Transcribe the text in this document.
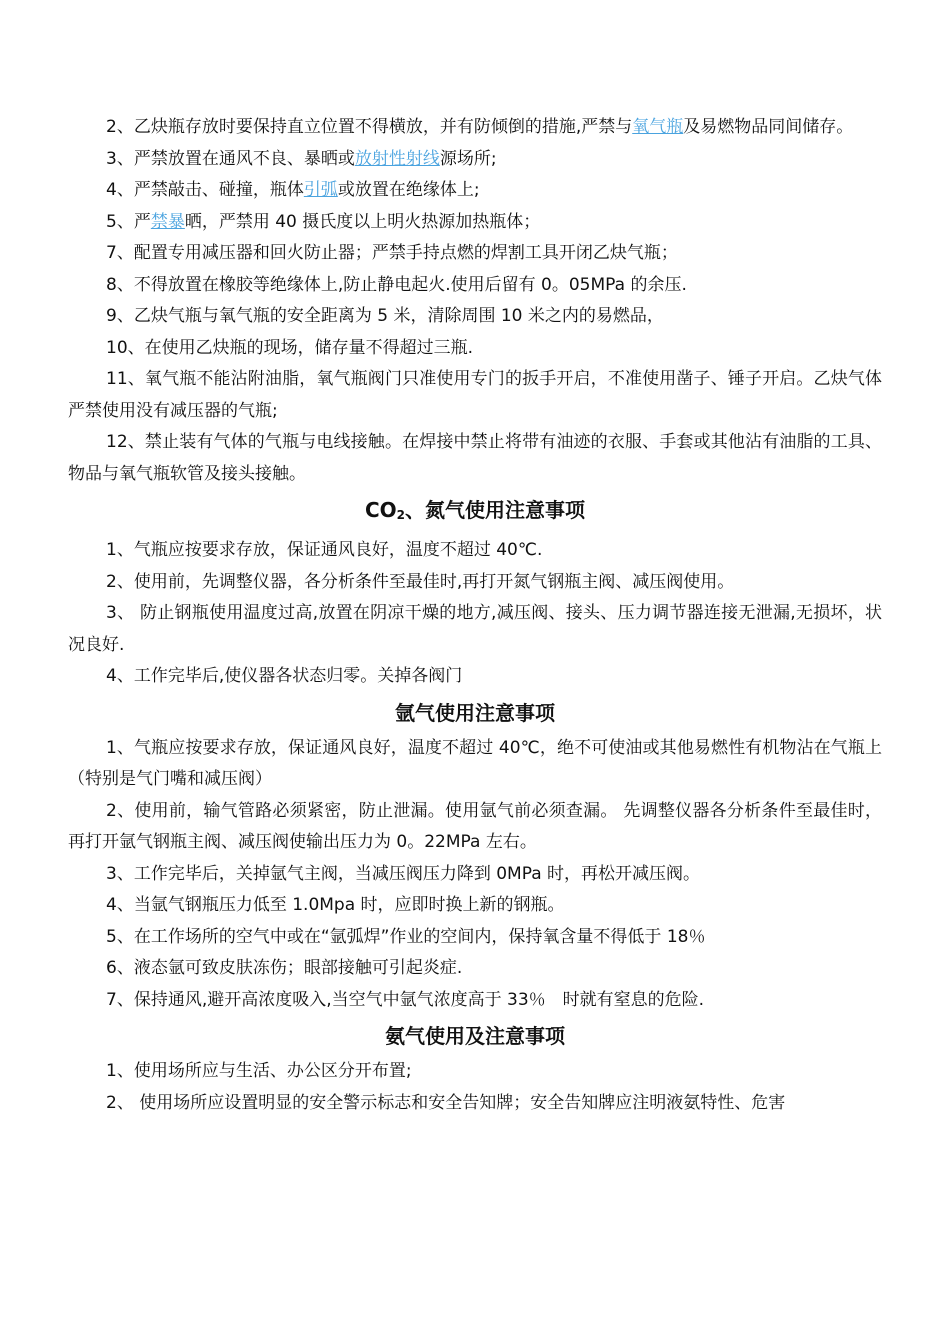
2、乙炔瓶存放时要保持直立位置不得横放，并有防倾倒的措施,严禁与氧气瓶及易燃物品同间储存。

3、严禁放置在通风不良、暴晒或放射性射线源场所;

4、严禁敲击、碰撞，瓶体引弧或放置在绝缘体上;

5、严禁暴晒，严禁用 40 摄氏度以上明火热源加热瓶体；

7、配置专用减压器和回火防止器；严禁手持点燃的焊割工具开闭乙炔气瓶；

8、不得放置在橡胶等绝缘体上,防止静电起火.使用后留有 0。05MPa 的余压.

9、乙炔气瓶与氧气瓶的安全距离为 5 米，清除周围 10 米之内的易燃品，

10、在使用乙炔瓶的现场，储存量不得超过三瓶.

11、氧气瓶不能沾附油脂，氧气瓶阀门只准使用专门的扳手开启，不准使用凿子、锤子开启。乙炔气体严禁使用没有减压器的气瓶;

12、禁止装有气体的气瓶与电线接触。在焊接中禁止将带有油迹的衣服、手套或其他沾有油脂的工具、物品与氧气瓶软管及接头接触。

$CO_2$、氮气使用注意事项

1、气瓶应按要求存放，保证通风良好，温度不超过 40℃.

2、使用前，先调整仪器，各分析条件至最佳时,再打开氮气钢瓶主阀、减压阀使用。

3、 防止钢瓶使用温度过高,放置在阴凉干燥的地方,减压阀、接头、压力调节器连接无泄漏,无损坏，状况良好.

4、工作完毕后,使仪器各状态归零。关掉各阀门

氩气使用注意事项

1、气瓶应按要求存放，保证通风良好，温度不超过 40℃，绝不可使油或其他易燃性有机物沾在气瓶上（特别是气门嘴和减压阀）

2、使用前，输气管路必须紧密，防止泄漏。使用氩气前必须查漏。 先调整仪器各分析条件至最佳时，再打开氩气钢瓶主阀、减压阀使输出压力为 0。22MPa 左右。

3、工作完毕后，关掉氩气主阀，当减压阀压力降到 0MPa 时，再松开减压阀。

4、当氩气钢瓶压力低至 1.0Mpa 时，应即时换上新的钢瓶。

5、在工作场所的空气中或在“氩弧焊”作业的空间内，保持氧含量不得低于 18％

6、液态氩可致皮肤冻伤；眼部接触可引起炎症.

7、保持通风,避开高浓度吸入,当空气中氩气浓度高于 33％　时就有窒息的危险.

氨气使用及注意事项

1、使用场所应与生活、办公区分开布置;

2、 使用场所应设置明显的安全警示标志和安全告知牌；安全告知牌应注明液氨特性、危害
